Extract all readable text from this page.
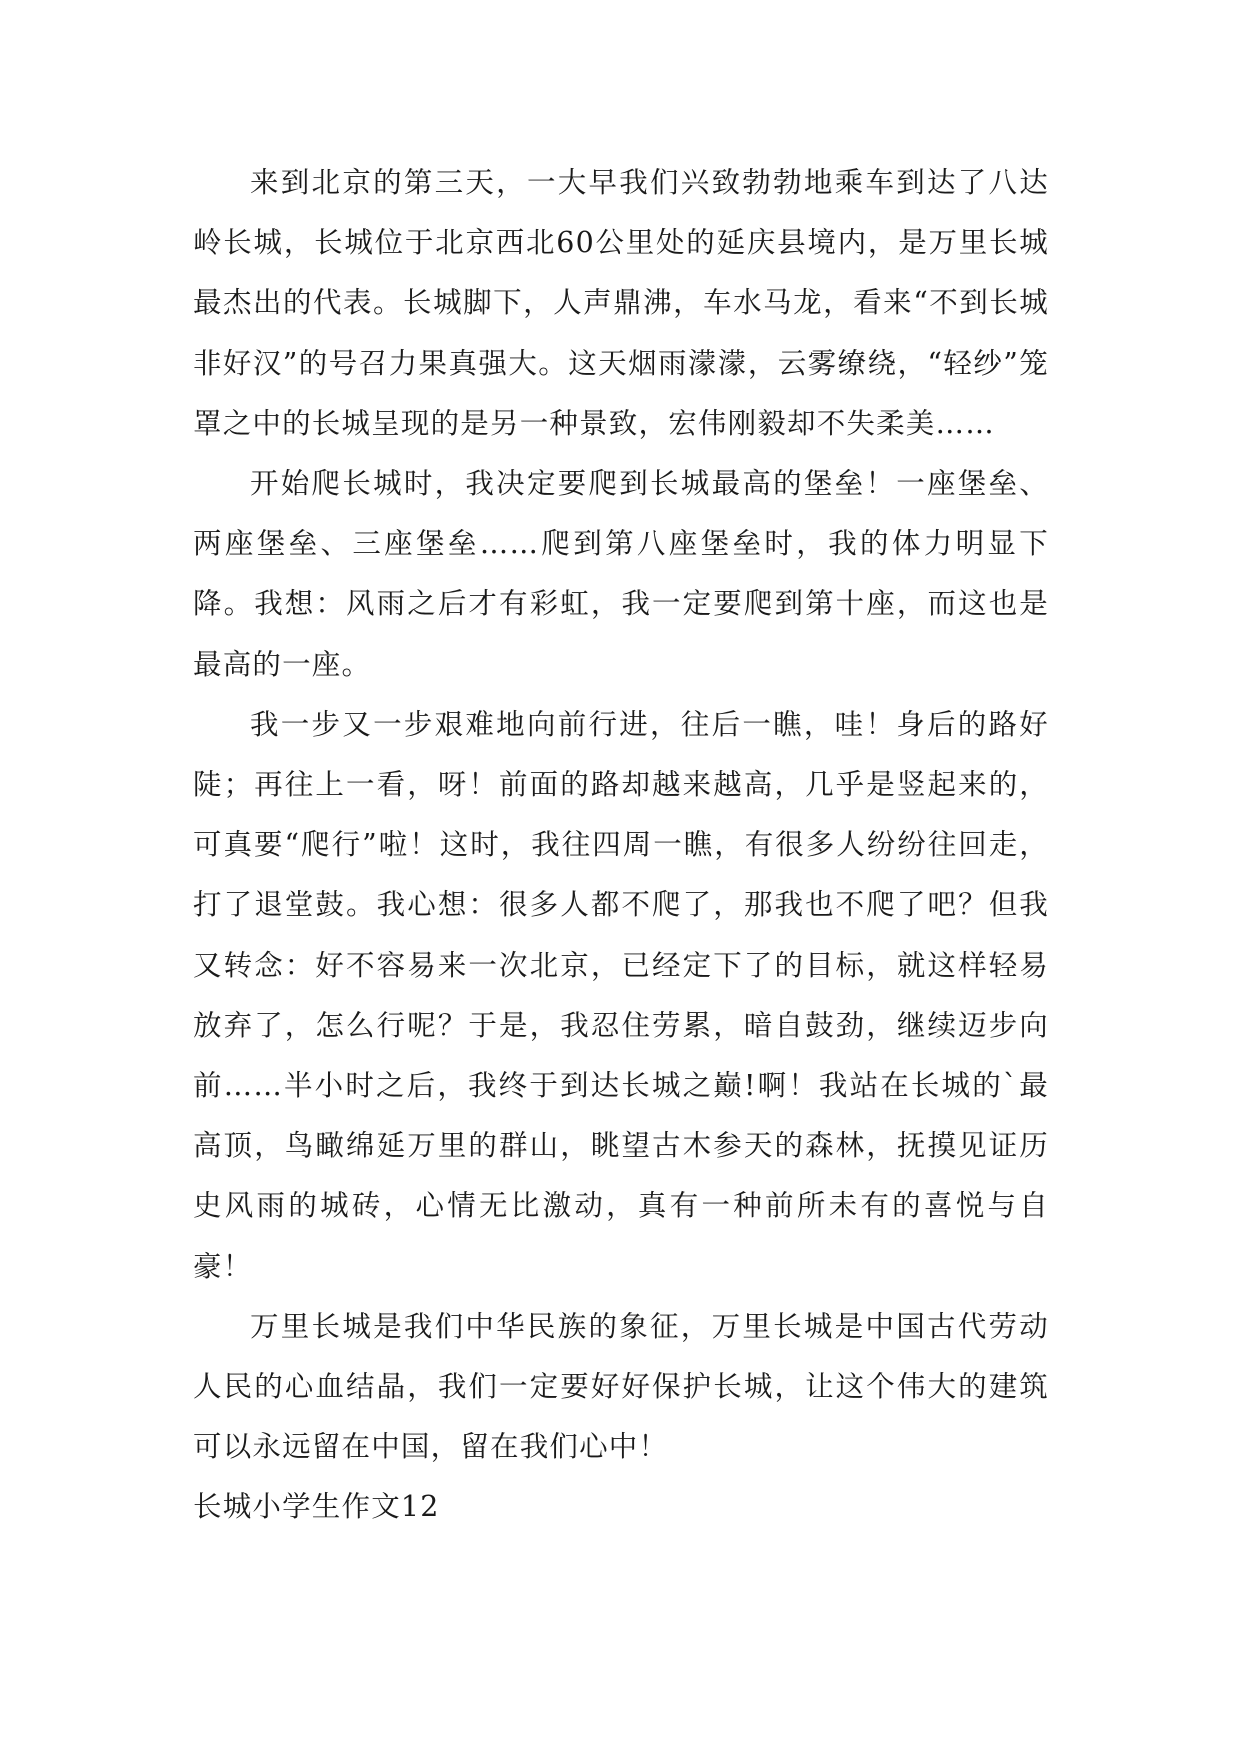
来到北京的第三天，一大早我们兴致勃勃地乘车到达了八达岭长城，长城位于北京西北60公里处的延庆县境内，是万里长城最杰出的代表。长城脚下，人声鼎沸，车水马龙，看来“不到长城非好汉”的号召力果真强大。这天烟雨濛濛，云雾缭绕，“轻纱”笼罩之中的长城呈现的是另一种景致，宏伟刚毅却不失柔美……

开始爬长城时，我决定要爬到长城最高的堡垒！一座堡垒、两座堡垒、三座堡垒……爬到第八座堡垒时，我的体力明显下降。我想：风雨之后才有彩虹，我一定要爬到第十座，而这也是最高的一座。

我一步又一步艰难地向前行进，往后一瞧，哇！身后的路好陡；再往上一看，呀！前面的路却越来越高，几乎是竖起来的，可真要“爬行”啦！这时，我往四周一瞧，有很多人纷纷往回走，打了退堂鼓。我心想：很多人都不爬了，那我也不爬了吧？但我又转念：好不容易来一次北京，已经定下了的目标，就这样轻易放弃了，怎么行呢？于是，我忍住劳累，暗自鼓劲，继续迈步向前……半小时之后，我终于到达长城之巅!啊！我站在长城的`最高顶，鸟瞰绵延万里的群山，眺望古木参天的森林，抚摸见证历史风雨的城砖，心情无比激动，真有一种前所未有的喜悦与自豪！

万里长城是我们中华民族的象征，万里长城是中国古代劳动人民的心血结晶，我们一定要好好保护长城，让这个伟大的建筑可以永远留在中国，留在我们心中！

长城小学生作文12
